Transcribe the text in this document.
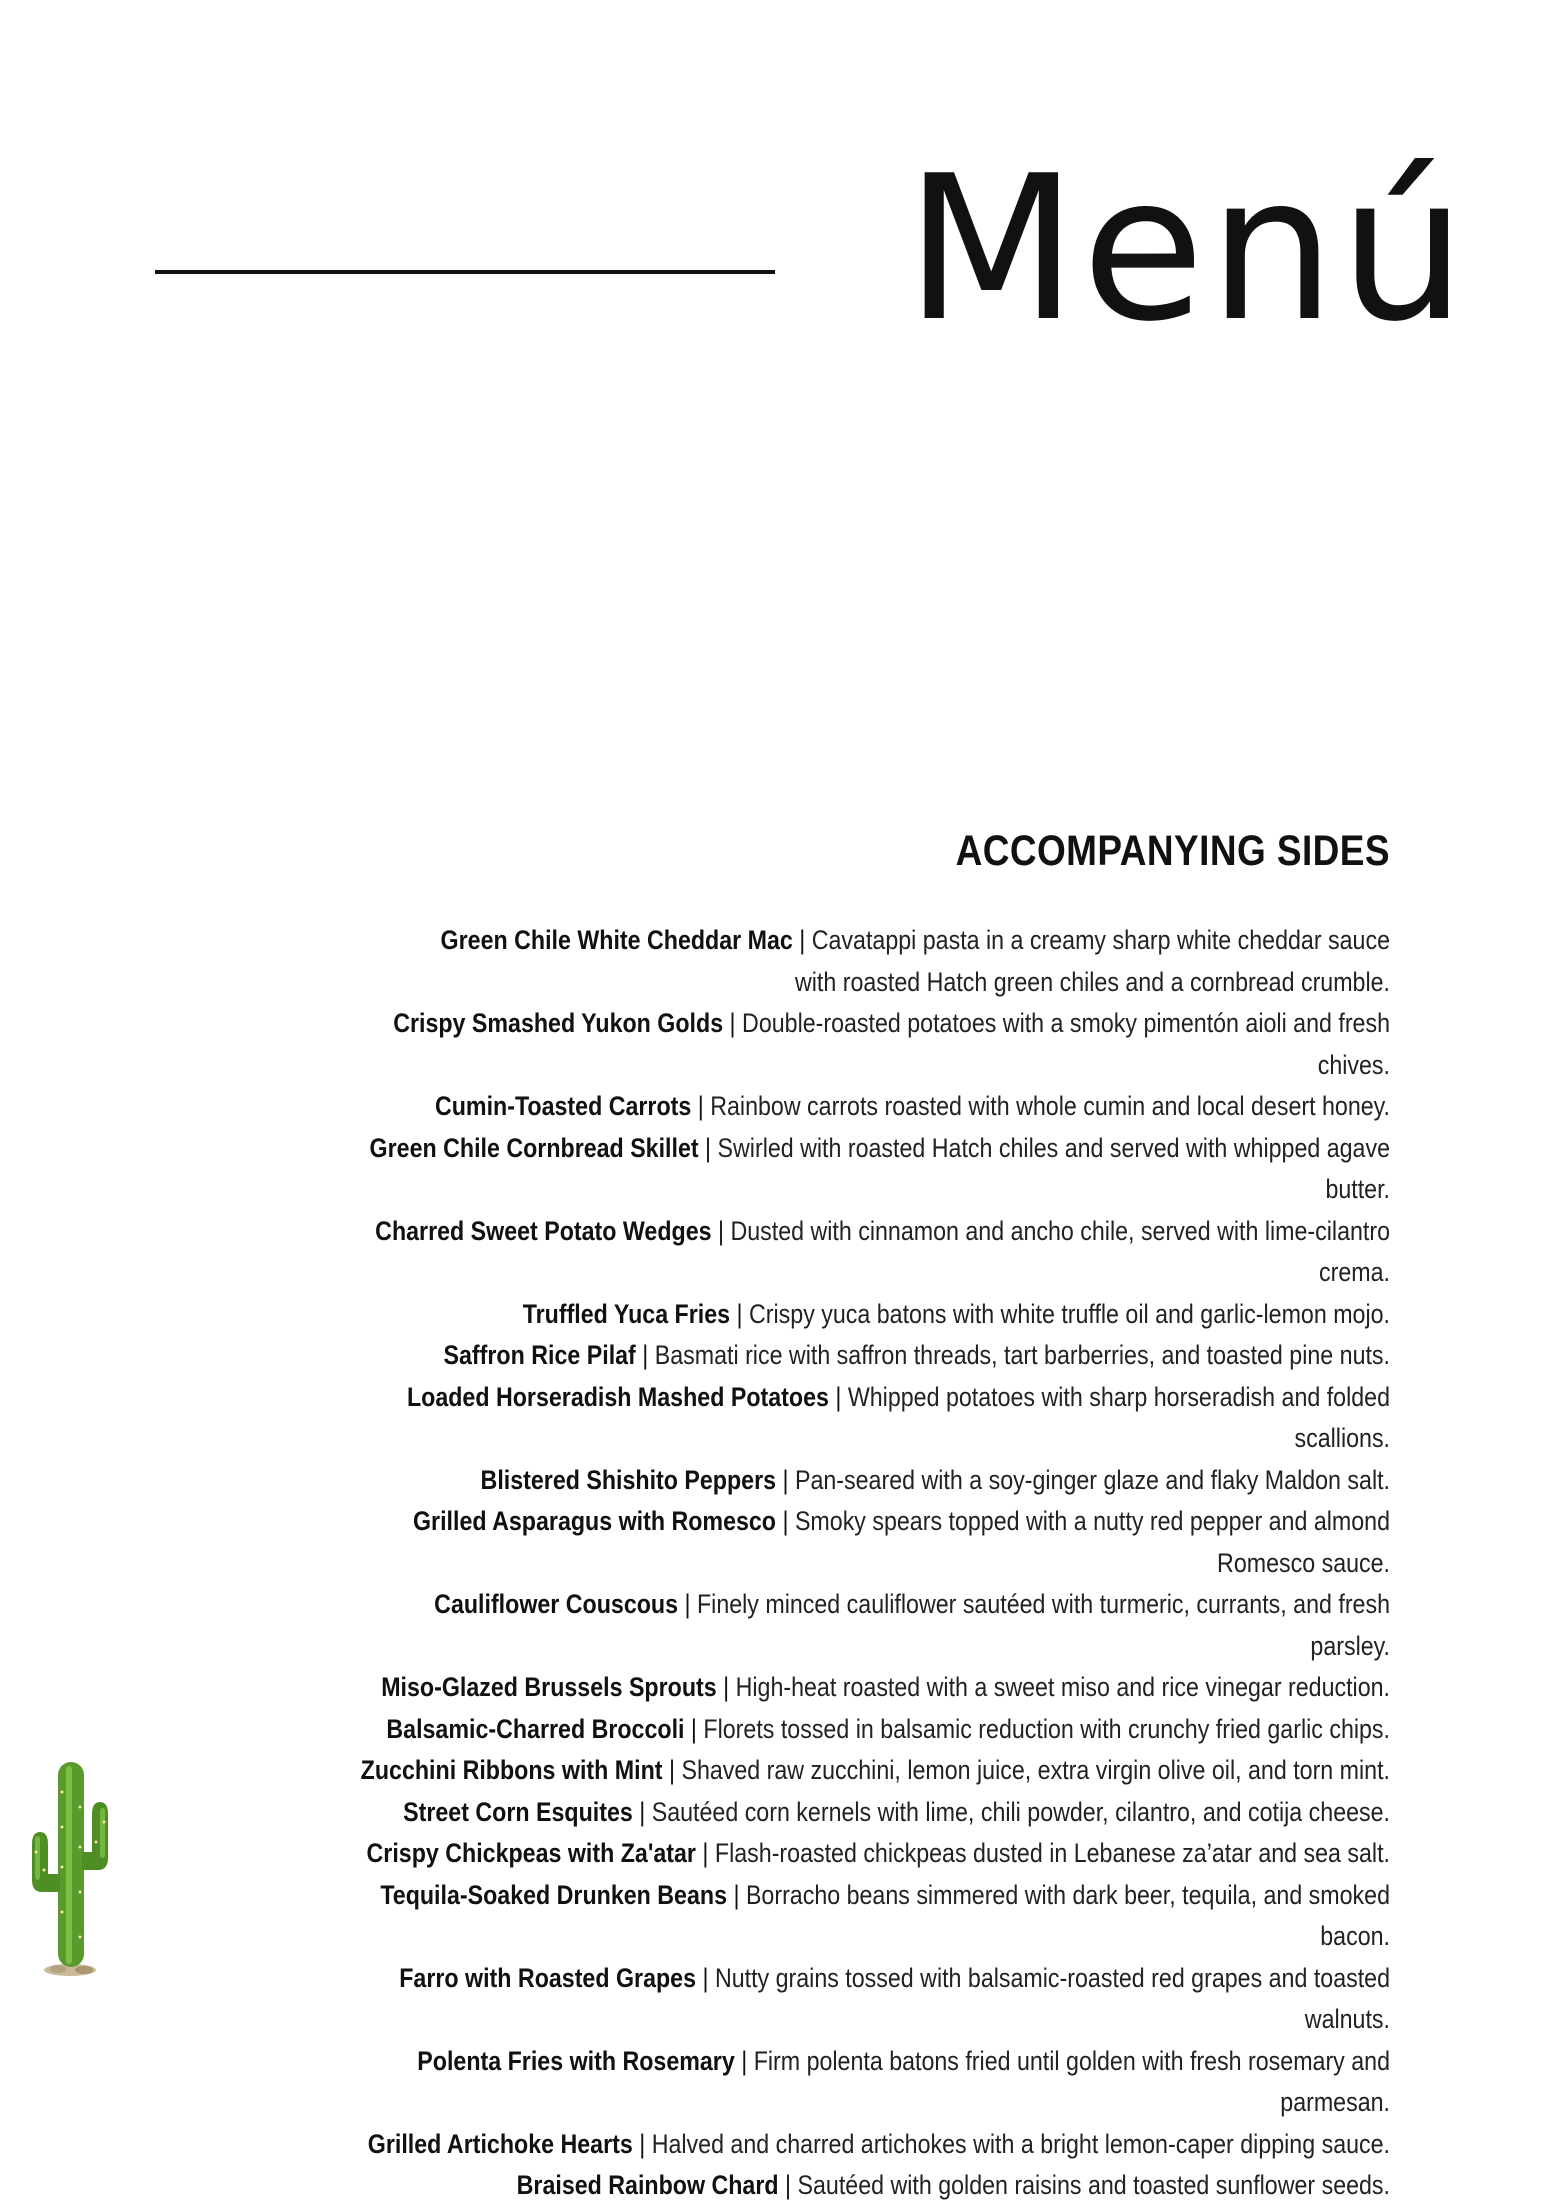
Menú
ACCOMPANYING SIDES
Green Chile White Cheddar Mac | Cavatappi pasta in a creamy sharp white cheddar sauce with roasted Hatch green chiles and a cornbread crumble.
Crispy Smashed Yukon Golds | Double-roasted potatoes with a smoky pimentón aioli and fresh chives.
Cumin-Toasted Carrots | Rainbow carrots roasted with whole cumin and local desert honey.
Green Chile Cornbread Skillet | Swirled with roasted Hatch chiles and served with whipped agave butter.
Charred Sweet Potato Wedges | Dusted with cinnamon and ancho chile, served with lime-cilantro crema.
Truffled Yuca Fries | Crispy yuca batons with white truffle oil and garlic-lemon mojo.
Saffron Rice Pilaf | Basmati rice with saffron threads, tart barberries, and toasted pine nuts.
Loaded Horseradish Mashed Potatoes | Whipped potatoes with sharp horseradish and folded scallions.
Blistered Shishito Peppers | Pan-seared with a soy-ginger glaze and flaky Maldon salt.
Grilled Asparagus with Romesco | Smoky spears topped with a nutty red pepper and almond Romesco sauce.
Cauliflower Couscous | Finely minced cauliflower sautéed with turmeric, currants, and fresh parsley.
Miso-Glazed Brussels Sprouts | High-heat roasted with a sweet miso and rice vinegar reduction.
Balsamic-Charred Broccoli | Florets tossed in balsamic reduction with crunchy fried garlic chips.
Zucchini Ribbons with Mint | Shaved raw zucchini, lemon juice, extra virgin olive oil, and torn mint.
Street Corn Esquites | Sautéed corn kernels with lime, chili powder, cilantro, and cotija cheese.
Crispy Chickpeas with Za'atar | Flash-roasted chickpeas dusted in Lebanese za’atar and sea salt.
Tequila-Soaked Drunken Beans | Borracho beans simmered with dark beer, tequila, and smoked bacon.
Farro with Roasted Grapes | Nutty grains tossed with balsamic-roasted red grapes and toasted walnuts.
Polenta Fries with Rosemary | Firm polenta batons fried until golden with fresh rosemary and parmesan.
Grilled Artichoke Hearts | Halved and charred artichokes with a bright lemon-caper dipping sauce.
Braised Rainbow Chard | Sautéed with golden raisins and toasted sunflower seeds.
